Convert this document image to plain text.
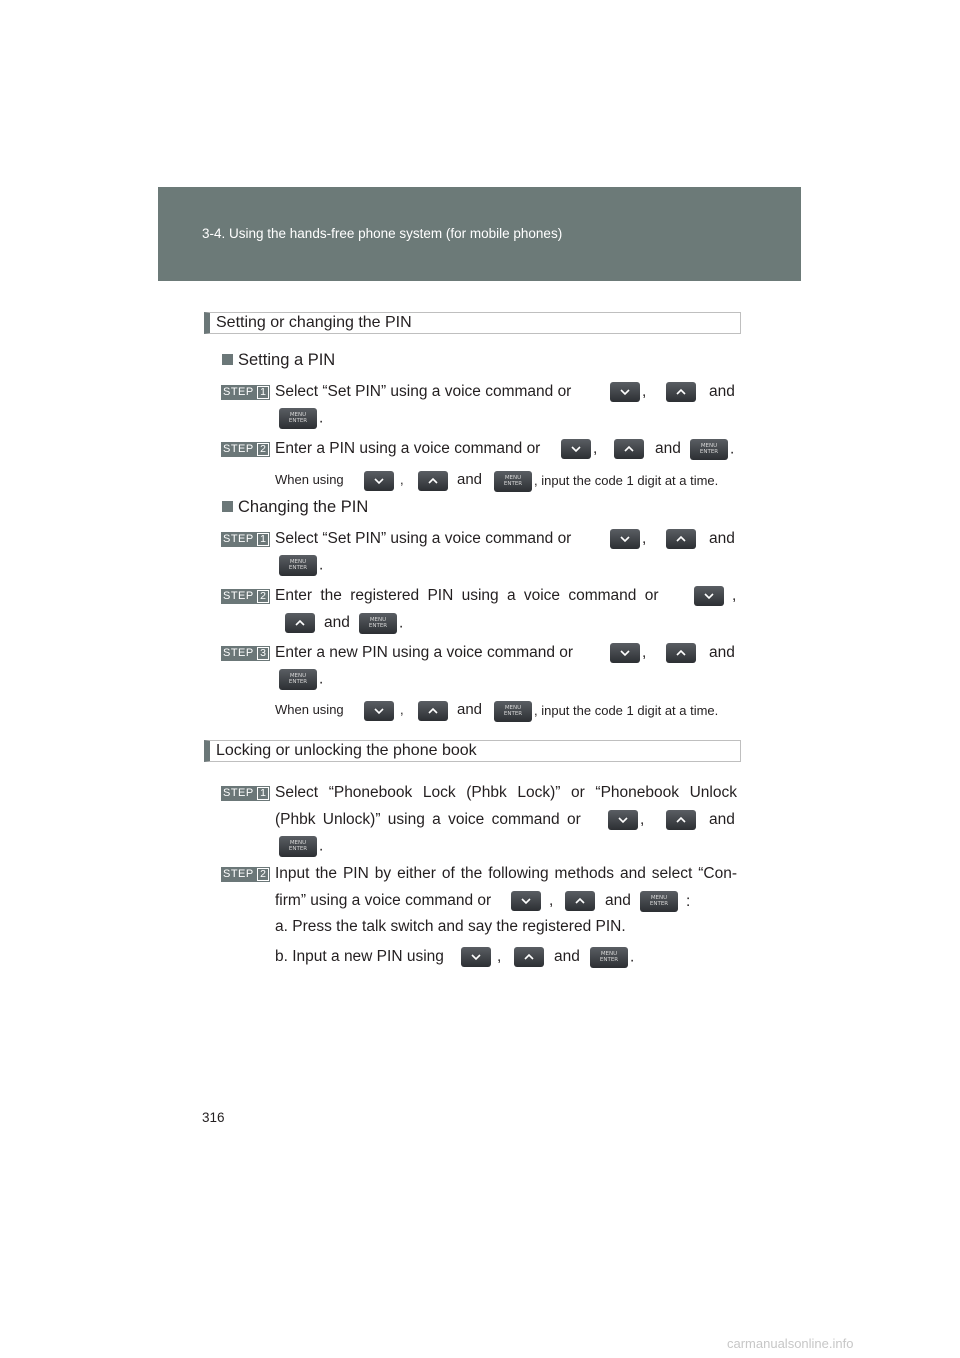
3-4. Using the hands-free phone system (for mobile phones)
Setting or changing the PIN
Setting a PIN
STEP 1 Select “Set PIN” using a voice command or	,	and
MENU
ENTER .
STEP 2 Enter a PIN using a voice command or	,	and	MENU
ENTER .
When using	,	and	MENU
ENTER , input the code 1 digit at a time.
Changing the PIN
STEP 1 Select “Set PIN” using a voice command or	,	and
MENU
ENTER .
STEP 2 Enter the registered PIN using a voice command or	,
and	MENU
ENTER .
STEP 3 Enter a new PIN using a voice command or	,	and
MENU
ENTER .
When using	,	and	MENU
ENTER , input the code 1 digit at a time.
Locking or unlocking the phone book
STEP 1 Select “Phonebook Lock (Phbk Lock)” or “Phonebook Unlock
(Phbk Unlock)” using a voice command or	,	and
MENU
ENTER .
STEP 2 Input the PIN by either of the following methods and select “Con-
firm” using a voice command or	,	and	MENU
ENTER	:
a. Press the talk switch and say the registered PIN.
b. Input a new PIN using	,	and	MENU
ENTER .
316
carmanualsonline.info
